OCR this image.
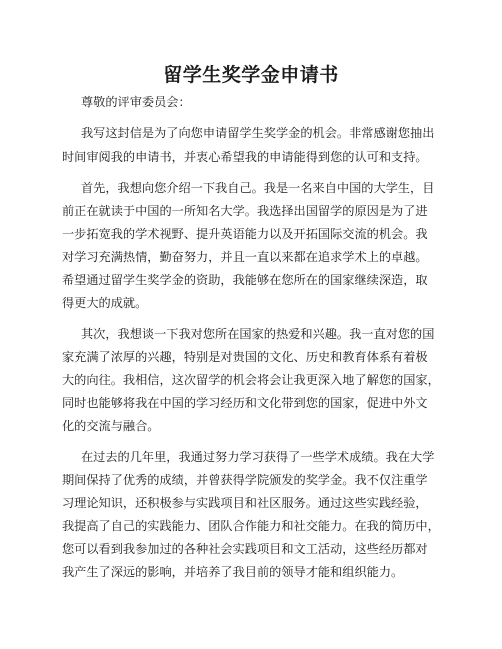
留学生奖学金申请书

尊敬的评审委员会：

我写这封信是为了向您申请留学生奖学金的机会。非常感谢您抽出

时间审阅我的申请书，并衷心希望我的申请能得到您的认可和支持。

首先，我想向您介绍一下我自己。我是一名来自中国的大学生，目

前正在就读于中国的一所知名大学。我选择出国留学的原因是为了进

一步拓宽我的学术视野、提升英语能力以及开拓国际交流的机会。我

对学习充满热情，勤奋努力，并且一直以来都在追求学术上的卓越。

希望通过留学生奖学金的资助，我能够在您所在的国家继续深造，取

得更大的成就。

其次，我想谈一下我对您所在国家的热爱和兴趣。我一直对您的国

家充满了浓厚的兴趣，特别是对贵国的文化、历史和教育体系有着极

大的向往。我相信，这次留学的机会将会让我更深入地了解您的国家，

同时也能够将我在中国的学习经历和文化带到您的国家，促进中外文

化的交流与融合。

在过去的几年里，我通过努力学习获得了一些学术成绩。我在大学

期间保持了优秀的成绩，并曾获得学院颁发的奖学金。我不仅注重学

习理论知识，还积极参与实践项目和社区服务。通过这些实践经验，

我提高了自己的实践能力、团队合作能力和社交能力。在我的简历中，

您可以看到我参加过的各种社会实践项目和文工活动，这些经历都对

我产生了深远的影响，并培养了我目前的领导才能和组织能力。
